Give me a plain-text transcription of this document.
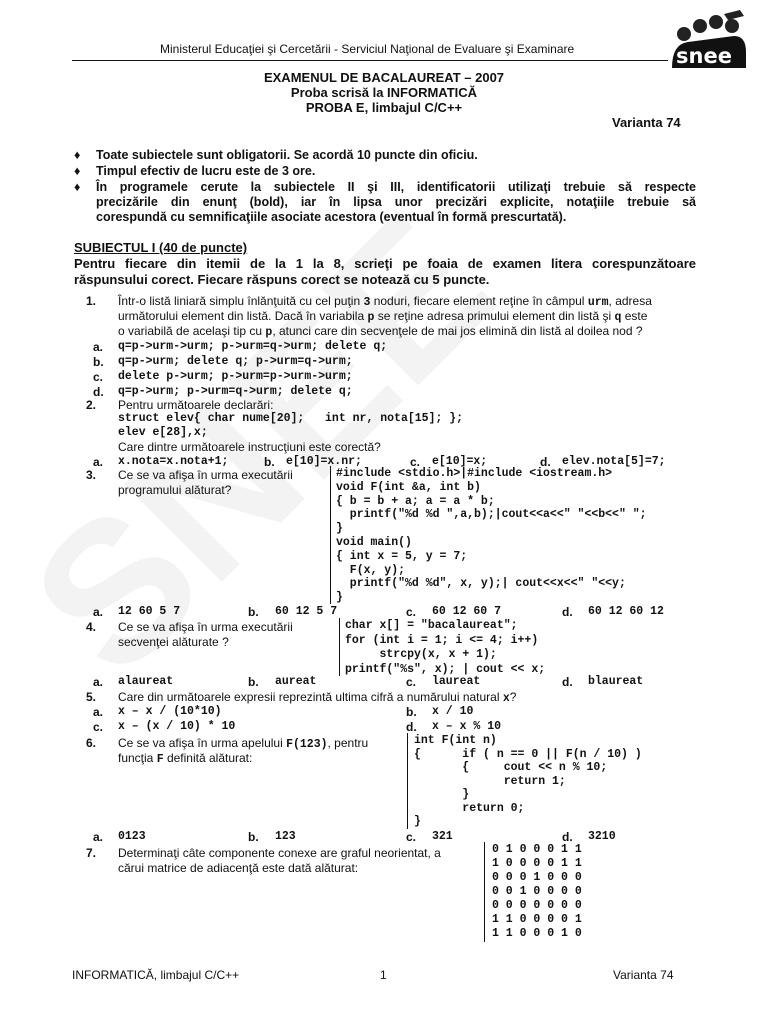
Ministerul Educaţiei şi Cercetării - Serviciul Naţional de Evaluare şi Examinare	snee
EXAMENUL DE BACALAUREAT – 2007
Proba scrisă la INFORMATICĂ
PROBA E, limbajul C/C++
Varianta 74
♦ Toate subiectele sunt obligatorii. Se acordă 10 puncte din oficiu.
♦ Timpul efectiv de lucru este de 3 ore.
♦ În programele cerute la subiectele II şi III, identificatorii utilizaţi trebuie să respecte
precizările din enunţ (bold), iar în lipsa unor precizări explicite, notaţiile trebuie să
corespundă cu semnificaţiile asociate acestora (eventual în formă prescurtată).
SUBIECTUL I (40 de puncte)
Pentru fiecare din itemii de la 1 la 8, scrieţi pe foaia de examen litera corespunzătoare
răspunsului corect. Fiecare răspuns corect se notează cu 5 puncte.
1. Într-o listă liniară simplu înlănţuită cu cel puţin 3 noduri, fiecare element reţine în câmpul urm, adresa
următorului element din listă. Dacă în variabila p se reţine adresa primului element din listă şi q este
o variabilă de acelaşi tip cu p, atunci care din secvenţele de mai jos elimină din listă al doilea nod ?
a. q=p->urm->urm; p->urm=q->urm; delete q;
b. q=p->urm; delete q; p->urm=q->urm;
c. delete p->urm; p->urm=p->urm->urm;
d. q=p->urm; p->urm=q->urm; delete q;
2. Pentru următoarele declarări:
struct elev{ char nume[20];   int nr, nota[15]; };
elev e[28],x;
Care dintre următoarele instrucţiuni este corectă?
a. x.nota=x.nota+1;	b. e[10]=x.nr;	c. e[10]=x;	d. elev.nota[5]=7;
3. Ce se va afişa în urma executării
programului alăturat?
#include <stdio.h>|#include <iostream.h>
void F(int &a, int b)
{ b = b + a; a = a * b;
printf("%d %d ",a,b);|cout<<a<<" "<<b<<" ";
}
void main()
{ int x = 5, y = 7;
F(x, y);
printf("%d %d", x, y);| cout<<x<<" "<<y;
}
a. 12 60 5 7	b. 60 12 5 7	c. 60 12 60 7	d. 60 12 60 12
4. Ce se va afişa în urma executării
secvenţei alăturate ?
char x[] = "bacalaureat";
for (int i = 1; i <= 4; i++)
strcpy(x, x + 1);
printf("%s", x); | cout << x;
a. alaureat	b. aureat	c. laureat	d. blaureat
5. Care din următoarele expresii reprezintă ultima cifră a numărului natural x?
a. x – x / (10*10)	b. x / 10
c. x – (x / 10) * 10	d. x – x % 10
6. Ce se va afişa în urma apelului F(123), pentru
funcţia F definită alăturat:
int F(int n)
{      if ( n == 0 || F(n / 10) )
{     cout << n % 10;
return 1;
}
return 0;
}
a. 0123	b. 123	c. 321	d. 3210
7. Determinaţi câte componente conexe are graful neorientat, a
cărui matrice de adiacenţă este dată alăturat:
0 1 0 0 0 1 1
1 0 0 0 0 1 1
0 0 0 1 0 0 0
0 0 1 0 0 0 0
0 0 0 0 0 0 0
1 1 0 0 0 0 1
1 1 0 0 0 1 0
INFORMATICĂ, limbajul C/C++	1	Varianta 74
